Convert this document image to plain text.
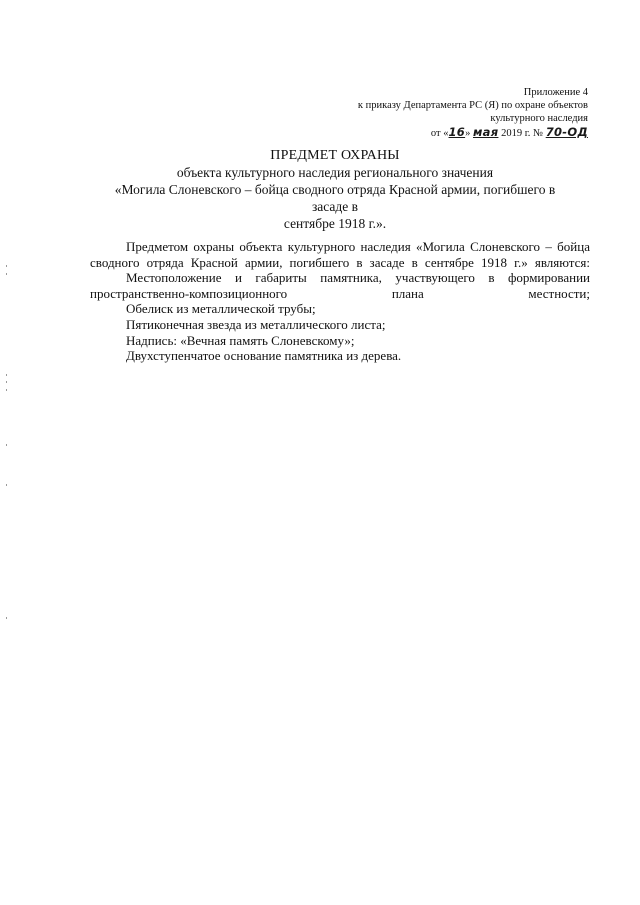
Приложение 4
к приказу Департамента РС (Я) по охране объектов
культурного наследия
от «16» мая 2019 г. № 70-ОД
ПРЕДМЕТ ОХРАНЫ
объекта культурного наследия регионального значения
«Могила Слоневского – бойца сводного отряда Красной армии, погибшего в засаде в
сентябре 1918 г.».

Предметом охраны объекта культурного наследия «Могила Слоневского – бойца сводного отряда Красной армии, погибшего в засаде в сентябре 1918 г.» являются:

Местоположение и габариты памятника, участвующего в формировании пространственно-композиционного плана местности;

Обелиск из металлической трубы;

Пятиконечная звезда из металлического листа;

Надпись: «Вечная память Слоневскому»;

Двухступенчатое основание памятника из дерева.
